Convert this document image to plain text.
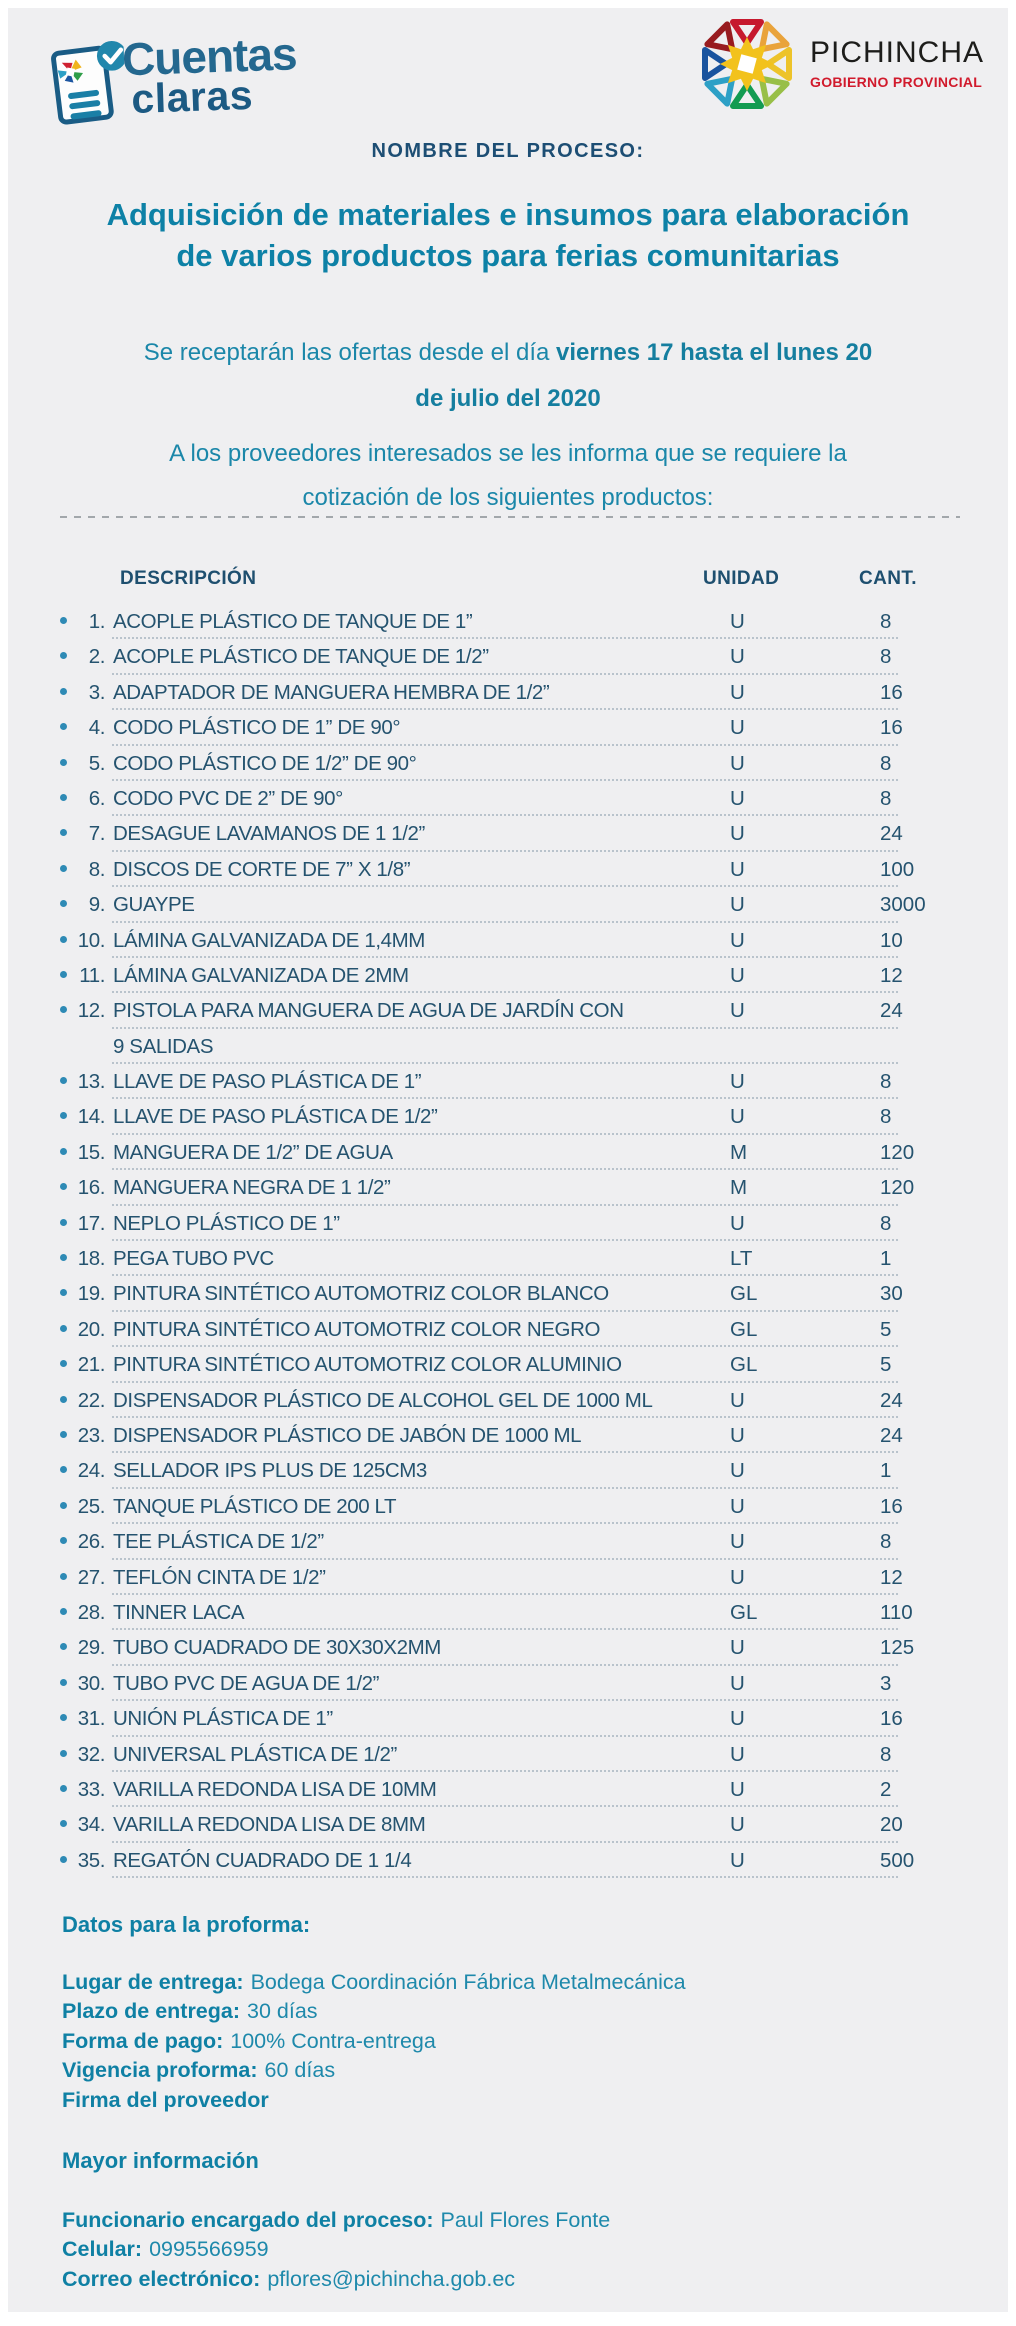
Cuentas
claras
PICHINCHA
GOBIERNO PROVINCIAL
NOMBRE DEL PROCESO:
Adquisición de materiales e insumos para elaboración
de varios productos para ferias comunitarias
Se receptarán las ofertas desde el día viernes 17 hasta el lunes 20
de julio del 2020
A los proveedores interesados se les informa que se requiere la
cotización de los siguientes productos:
DESCRIPCIÓN	UNIDAD	CANT.
1. ACOPLE PLÁSTICO DE TANQUE DE 1”	U	8
2. ACOPLE PLÁSTICO DE TANQUE DE 1/2”	U	8
3. ADAPTADOR DE MANGUERA HEMBRA DE 1/2”	U	16
4. CODO PLÁSTICO DE 1” DE 90°	U	16
5. CODO PLÁSTICO DE 1/2” DE 90°	U	8
6. CODO PVC DE 2” DE 90°	U	8
7. DESAGUE LAVAMANOS DE 1 1/2”	U	24
8. DISCOS DE CORTE DE 7” X 1/8”	U	100
9. GUAYPE	U	3000
10. LÁMINA GALVANIZADA DE 1,4MM	U	10
11. LÁMINA GALVANIZADA DE 2MM	U	12
12. PISTOLA PARA MANGUERA DE AGUA DE JARDÍN CON	U	24
9 SALIDAS
13. LLAVE DE PASO PLÁSTICA DE 1”	U	8
14. LLAVE DE PASO PLÁSTICA DE 1/2”	U	8
15. MANGUERA DE 1/2” DE AGUA	M	120
16. MANGUERA NEGRA DE 1 1/2”	M	120
17. NEPLO PLÁSTICO DE 1”	U	8
18. PEGA TUBO PVC	LT	1
19. PINTURA SINTÉTICO AUTOMOTRIZ COLOR BLANCO	GL	30
20. PINTURA SINTÉTICO AUTOMOTRIZ COLOR NEGRO	GL	5
21. PINTURA SINTÉTICO AUTOMOTRIZ COLOR ALUMINIO	GL	5
22. DISPENSADOR PLÁSTICO DE ALCOHOL GEL DE 1000 ML	U	24
23. DISPENSADOR PLÁSTICO DE JABÓN DE 1000 ML	U	24
24. SELLADOR IPS PLUS DE 125CM3	U	1
25. TANQUE PLÁSTICO DE 200 LT	U	16
26. TEE PLÁSTICA DE 1/2”	U	8
27. TEFLÓN CINTA DE 1/2”	U	12
28. TINNER LACA	GL	110
29. TUBO CUADRADO DE 30X30X2MM	U	125
30. TUBO PVC DE AGUA DE 1/2”	U	3
31. UNIÓN PLÁSTICA DE 1”	U	16
32. UNIVERSAL PLÁSTICA DE 1/2”	U	8
33. VARILLA REDONDA LISA DE 10MM	U	2
34. VARILLA REDONDA LISA DE 8MM	U	20
35. REGATÓN CUADRADO DE 1 1/4	U	500
Datos para la proforma:
Lugar de entrega: Bodega Coordinación Fábrica Metalmecánica
Plazo de entrega: 30 días
Forma de pago: 100% Contra-entrega
Vigencia proforma: 60 días
Firma del proveedor
Mayor información
Funcionario encargado del proceso: Paul Flores Fonte
Celular: 0995566959
Correo electrónico: pflores@pichincha.gob.ec
